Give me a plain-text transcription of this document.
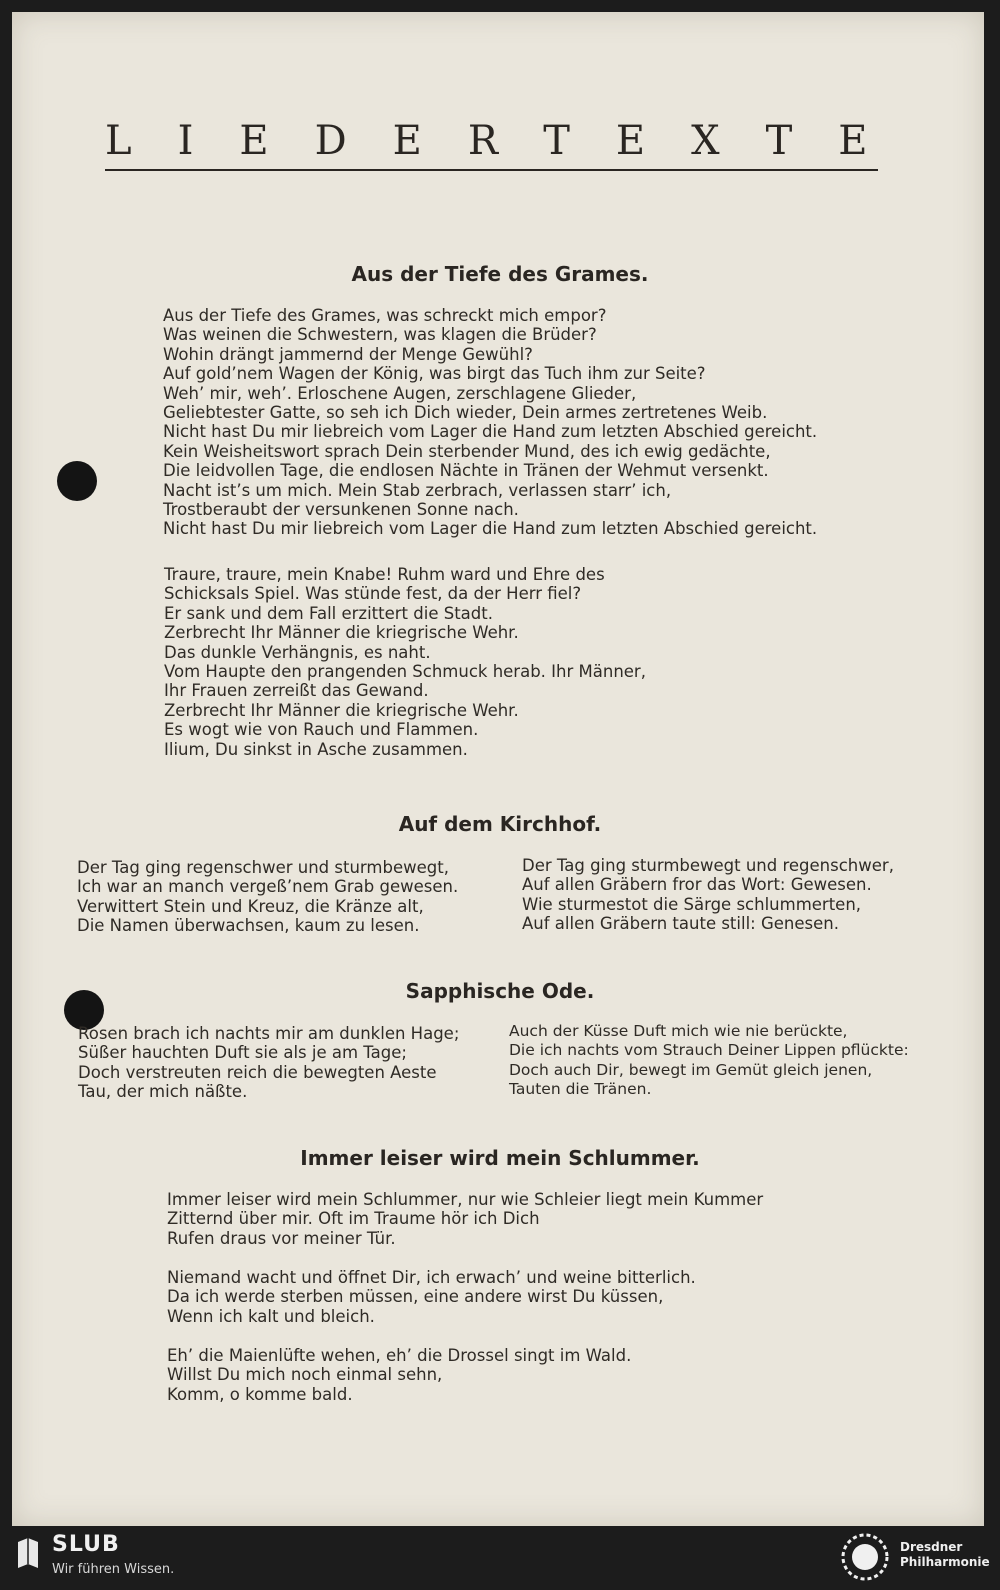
LIEDERTEXTE
Aus der Tiefe des Grames.
Aus der Tiefe des Grames, was schreckt mich empor?
Was weinen die Schwestern, was klagen die Brüder?
Wohin drängt jammernd der Menge Gewühl?
Auf gold’nem Wagen der König, was birgt das Tuch ihm zur Seite?
Weh’ mir, weh’. Erloschene Augen, zerschlagene Glieder,
Geliebtester Gatte, so seh ich Dich wieder, Dein armes zertretenes Weib.
Nicht hast Du mir liebreich vom Lager die Hand zum letzten Abschied gereicht.
Kein Weisheitswort sprach Dein sterbender Mund, des ich ewig gedächte,
Die leidvollen Tage, die endlosen Nächte in Tränen der Wehmut versenkt.
Nacht ist’s um mich. Mein Stab zerbrach, verlassen starr’ ich,
Trostberaubt der versunkenen Sonne nach.
Nicht hast Du mir liebreich vom Lager die Hand zum letzten Abschied gereicht.
Traure, traure, mein Knabe! Ruhm ward und Ehre des
Schicksals Spiel. Was stünde fest, da der Herr fiel?
Er sank und dem Fall erzittert die Stadt.
Zerbrecht Ihr Männer die kriegrische Wehr.
Das dunkle Verhängnis, es naht.
Vom Haupte den prangenden Schmuck herab. Ihr Männer,
Ihr Frauen zerreißt das Gewand.
Zerbrecht Ihr Männer die kriegrische Wehr.
Es wogt wie von Rauch und Flammen.
Ilium, Du sinkst in Asche zusammen.
Auf dem Kirchhof.
Der Tag ging regenschwer und sturmbewegt,
Ich war an manch vergeß’nem Grab gewesen.
Verwittert Stein und Kreuz, die Kränze alt,
Die Namen überwachsen, kaum zu lesen.
Der Tag ging sturmbewegt und regenschwer,
Auf allen Gräbern fror das Wort: Gewesen.
Wie sturmestot die Särge schlummerten,
Auf allen Gräbern taute still: Genesen.
Sapphische Ode.
Rosen brach ich nachts mir am dunklen Hage;
Süßer hauchten Duft sie als je am Tage;
Doch verstreuten reich die bewegten Aeste
Tau, der mich näßte.
Auch der Küsse Duft mich wie nie berückte,
Die ich nachts vom Strauch Deiner Lippen pflückte:
Doch auch Dir, bewegt im Gemüt gleich jenen,
Tauten die Tränen.
Immer leiser wird mein Schlummer.
Immer leiser wird mein Schlummer, nur wie Schleier liegt mein Kummer
Zitternd über mir. Oft im Traume hör ich Dich
Rufen draus vor meiner Tür.
Niemand wacht und öffnet Dir, ich erwach’ und weine bitterlich.
Da ich werde sterben müssen, eine andere wirst Du küssen,
Wenn ich kalt und bleich.
Eh’ die Maienlüfte wehen, eh’ die Drossel singt im Wald.
Willst Du mich noch einmal sehn,
Komm, o komme bald.
SLUB
Wir führen Wissen.
Dresdner
Philharmonie
